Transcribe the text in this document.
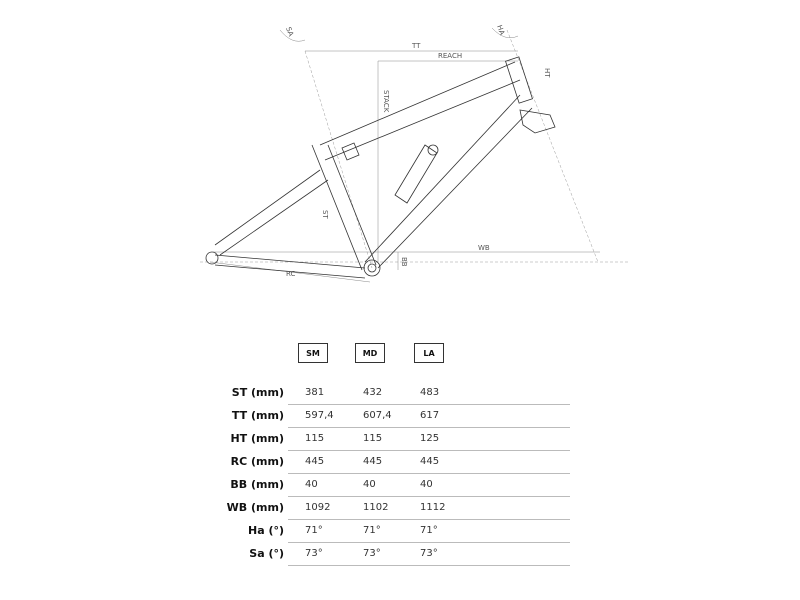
TT
REACH
STACK
HT
ST
WB
RC
BB
SA	HA
SM	MD	LA
ST (mm) 381	432	483
TT (mm) 597,4	607,4	617
HT (mm) 115	115	125
RC (mm) 445	445	445
BB (mm) 40	40	40
WB (mm) 1092	1102	1112
Ha (°) 71°	71°	71°
Sa (°) 73°	73°	73°
